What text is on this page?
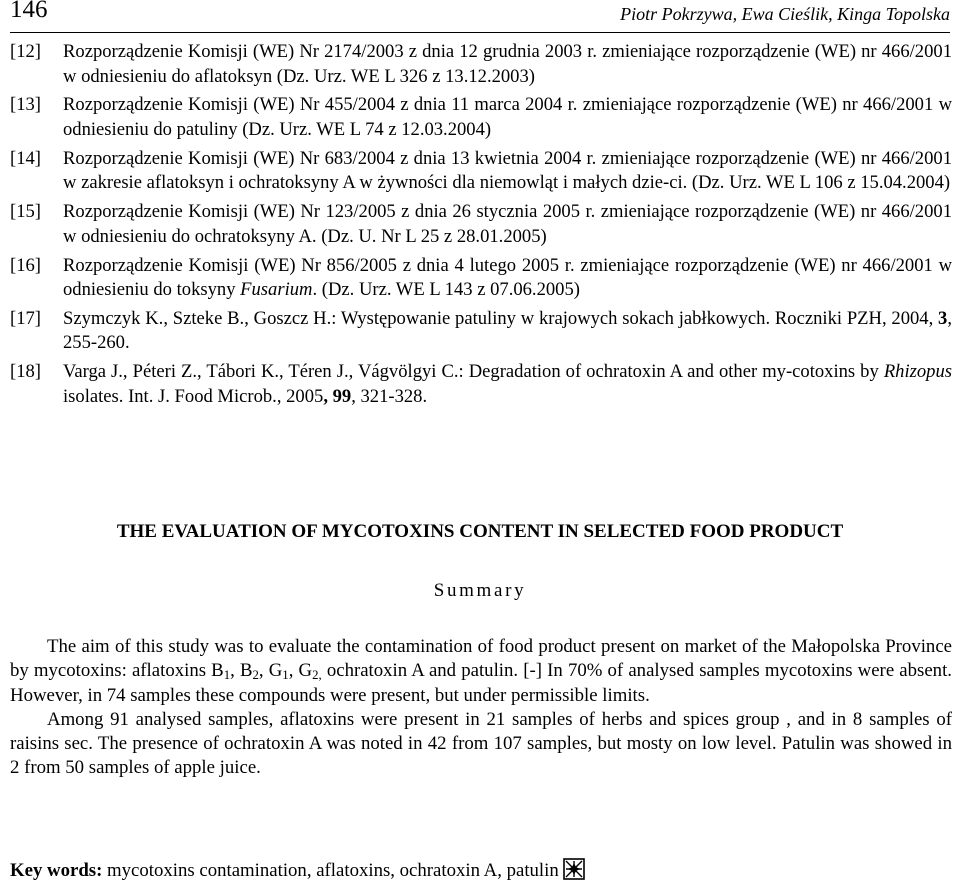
146	Piotr Pokrzywa, Ewa Cieślik, Kinga Topolska

[12] Rozporządzenie Komisji (WE) Nr 2174/2003 z dnia 12 grudnia 2003 r. zmieniające rozporządzenie (WE) nr 466/2001 w odniesieniu do aflatoksyn (Dz. Urz. WE L 326 z 13.12.2003)

[13] Rozporządzenie Komisji (WE) Nr 455/2004 z dnia 11 marca 2004 r. zmieniające rozporządzenie (WE) nr 466/2001 w odniesieniu do patuliny (Dz. Urz. WE L 74 z 12.03.2004)

[14] Rozporządzenie Komisji (WE) Nr 683/2004 z dnia 13 kwietnia 2004 r. zmieniające rozporządzenie (WE) nr 466/2001 w zakresie aflatoksyn i ochratoksyny A w żywności dla niemowląt i małych dzie-ci. (Dz. Urz. WE L 106 z 15.04.2004)

[15] Rozporządzenie Komisji (WE) Nr 123/2005 z dnia 26 stycznia 2005 r. zmieniające rozporządzenie (WE) nr 466/2001 w odniesieniu do ochratoksyny A. (Dz. U. Nr L 25 z 28.01.2005)

[16] Rozporządzenie Komisji (WE) Nr 856/2005 z dnia 4 lutego 2005 r. zmieniające rozporządzenie (WE) nr 466/2001 w odniesieniu do toksyny Fusarium. (Dz. Urz. WE L 143 z 07.06.2005)

[17] Szymczyk K., Szteke B., Goszcz H.: Występowanie patuliny w krajowych sokach jabłkowych. Roczniki PZH, 2004, 3, 255-260.

[18] Varga J., Péteri Z., Tábori K., Téren J., Vágvölgyi C.: Degradation of ochratoxin A and other my-cotoxins by Rhizopus isolates. Int. J. Food Microb., 2005, 99, 321-328.

THE EVALUATION OF MYCOTOXINS CONTENT IN SELECTED FOOD PRODUCT
Summary

The aim of this study was to evaluate the contamination of food product present on market of the Małopolska Province by mycotoxins: aflatoxins $B_1$, $B_2$, $G_1$, $G_{2,}$ ochratoxin A and patulin. [-] In 70% of analysed samples mycotoxins were absent. However, in 74 samples these compounds were present, but under permissible limits.

Among 91 analysed samples, aflatoxins were present in 21 samples of herbs and spices group , and in 8 samples of raisins sec. The presence of ochratoxin A was noted in 42 from 107 samples, but mosty on low level. Patulin was showed in 2 from 50 samples of apple juice.

Key words: mycotoxins contamination, aflatoxins, ochratoxin A, patulin
